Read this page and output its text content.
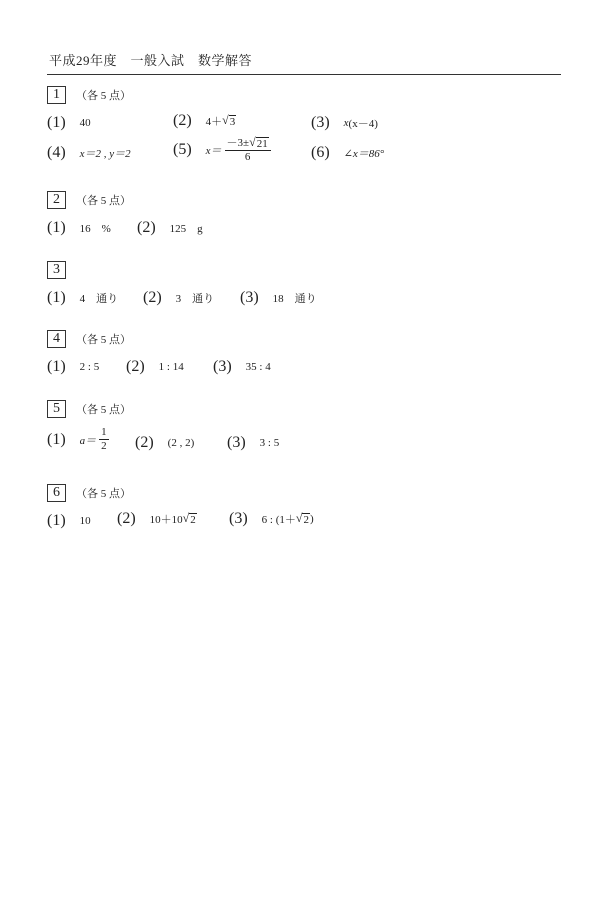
平成29年度　一般入試　数学解答
1	（各 5 点）
(1) 40	(2) 4＋ √ 3	(3) x (x－4)
(4) x＝2 , y＝2	(5) $x= \frac{-3\pm √ 21}{6}$	(6) ∠x＝86°
2	（各 5 点）
(1) 16　% (2) 125　g
3
(1) 4　通り (2) 3　通り (3) 18　通り
4	（各 5 点）
(1) 2 : 5 (2) 1 : 14 (3) 35 : 4
5	（各 5 点）
(1) $a= \frac{1}{2} (2)$ (2 , 2) (3) 3 : 5
6	（各 5 点）
(1) 10 (2) 10＋10 √ 2 (3) 6 : (1＋ √ 2 )
